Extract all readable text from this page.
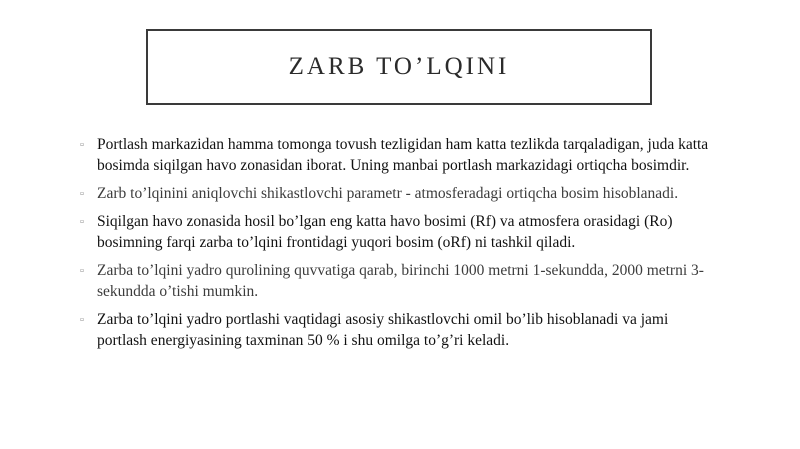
ZARB TO’LQINI
▫ Portlash markazidan hamma tomonga tovush tezligidan ham katta tezlikda tarqaladigan, juda katta bosimda siqilgan havo zonasidan iborat. Uning manbai portlash markazidagi ortiqcha bosimdir.
▫ Zarb to’lqinini aniqlovchi shikastlovchi parametr - atmosferadagi ortiqcha bosim hisoblanadi.
▫ Siqilgan havo zonasida hosil bo’lgan eng katta havo bosimi (Rf) va atmosfera orasidagi (Ro) bosimning farqi zarba to’lqini frontidagi yuqori bosim (oRf) ni tashkil qiladi.
▫ Zarba to’lqini yadro qurolining quvvatiga qarab, birinchi 1000 metrni 1-sekundda, 2000 metrni 3-sekundda o’tishi mumkin.
▫ Zarba to’lqini yadro portlashi vaqtidagi asosiy shikastlovchi omil bo’lib hisoblanadi va jami portlash energiyasining taxminan 50 % i shu omilga to’g’ri keladi.
